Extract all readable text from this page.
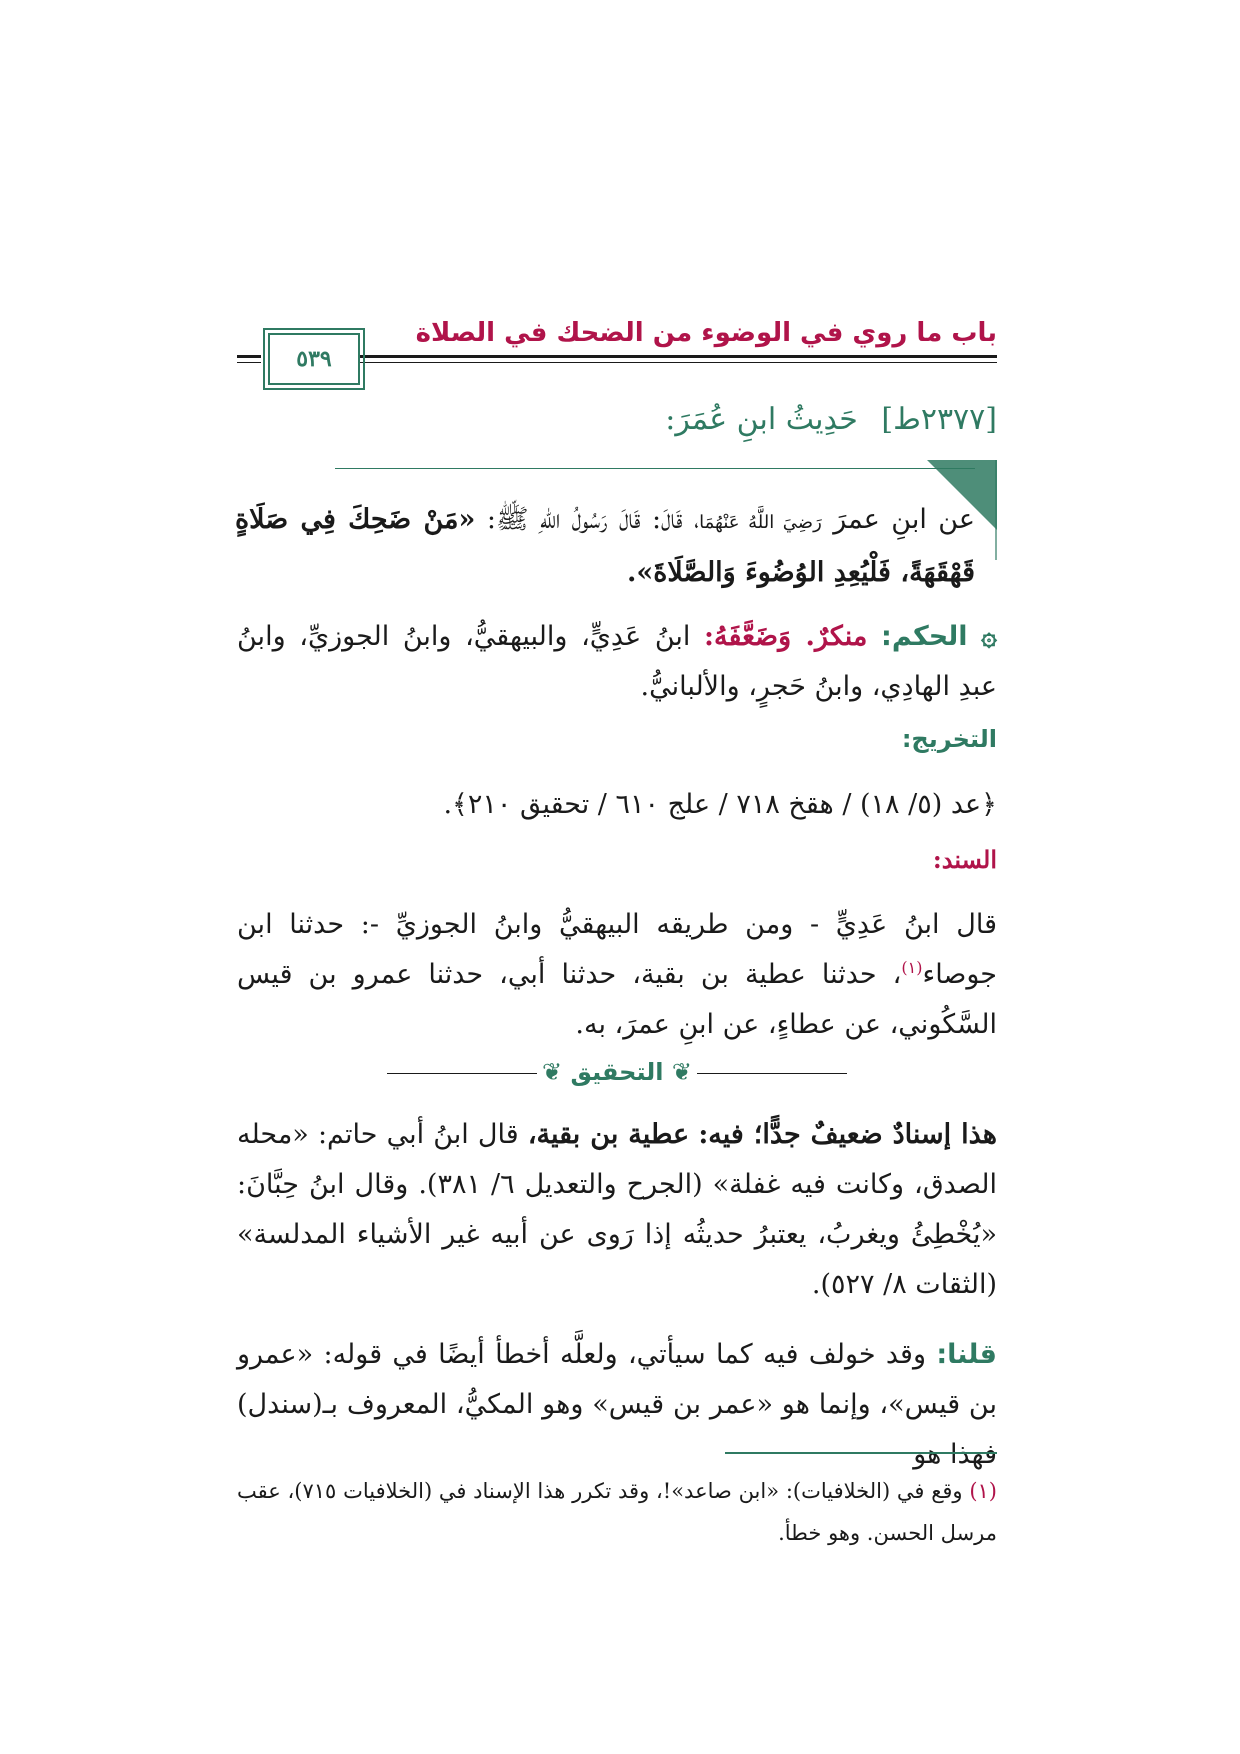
باب ما روي في الوضوء من الضحك في الصلاة
٥٣٩
[٢٣٧٧ط] حَدِيثُ ابنِ عُمَرَ:
عن ابنِ عمرَ رَضِيَ اللَّهُ عَنْهُمَا، قَالَ: قَالَ رَسُولُ اللهِ ﷺ: «مَنْ ضَحِكَ فِي صَلَاةٍ قَهْقَهَةً، فَلْيُعِدِ الوُضُوءَ وَالصَّلَاةَ».
۞ الحكم: منكرٌ. وَضَعَّفَهُ: ابنُ عَدِيٍّ، والبيهقيُّ، وابنُ الجوزيِّ، وابنُ عبدِ الهادِي، وابنُ حَجرٍ، والألبانيُّ.
التخريج:
﴿عد (٥/ ١٨) / هقخ ٧١٨ / علج ٦١٠ / تحقيق ٢١٠﴾.
السند:
قال ابنُ عَدِيٍّ - ومن طريقه البيهقيُّ وابنُ الجوزيِّ -: حدثنا ابن جوصاء$^{(١)}$، حدثنا عطية بن بقية، حدثنا أبي، حدثنا عمرو بن قيس السَّكُوني، عن عطاءٍ، عن ابنِ عمرَ، به.
❦ التحقيق ❦
هذا إسنادٌ ضعيفٌ جدًّا؛ فيه: عطية بن بقية، قال ابنُ أبي حاتم: «محله الصدق، وكانت فيه غفلة» (الجرح والتعديل ٦/ ٣٨١). وقال ابنُ حِبَّانَ: «يُخْطِئُ ويغربُ، يعتبرُ حديثُه إذا رَوى عن أبيه غير الأشياء المدلسة» (الثقات ٨/ ٥٢٧).
قلنا: وقد خولف فيه كما سيأتي، ولعلَّه أخطأ أيضًا في قوله: «عمرو بن قيس»، وإنما هو «عمر بن قيس» وهو المكيُّ، المعروف بـ(سندل) فهذا هو
(١) وقع في (الخلافيات): «ابن صاعد»!، وقد تكرر هذا الإسناد في (الخلافيات ٧١٥)، عقب مرسل الحسن. وهو خطأ.
